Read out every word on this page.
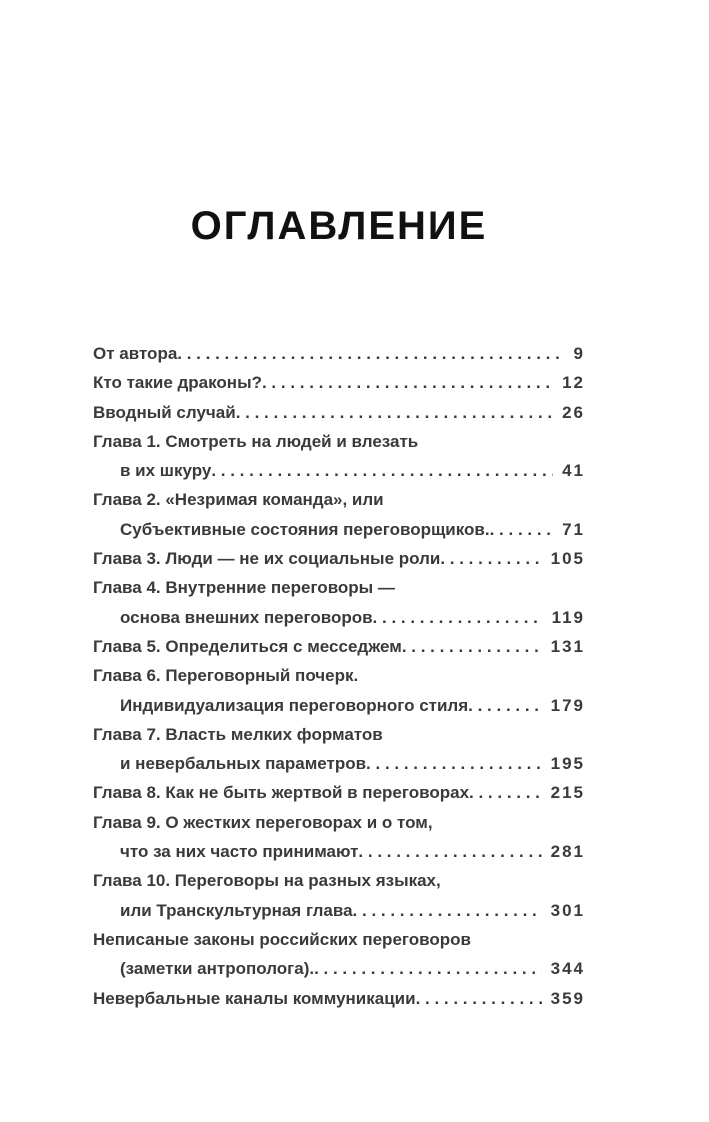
ОГЛАВЛЕНИЕ
От автора . . .	9
Кто такие драконы? . . .	12
Вводный случай . . .	26
Глава 1. Смотреть на людей и влезать
в их шкуру . . .	41
Глава 2. «Незримая команда», или
Субъективные состояния переговорщиков. . . .	71
Глава 3. Люди — не их социальные роли . . .	105
Глава 4. Внутренние переговоры —
основа внешних переговоров . . .	119
Глава 5. Определиться с месседжем . . .	131
Глава 6. Переговорный почерк.
Индивидуализация переговорного стиля . . .	179
Глава 7. Власть мелких форматов
и невербальных параметров . . .	195
Глава 8. Как не быть жертвой в переговорах . . .	215
Глава 9. О жестких переговорах и о том,
что за них часто принимают . . .	281
Глава 10. Переговоры на разных языках,
или Транскультурная глава . . .	301
Неписаные законы российских переговоров
(заметки антрополога). . . .	344
Невербальные каналы коммуникации . . .	359
